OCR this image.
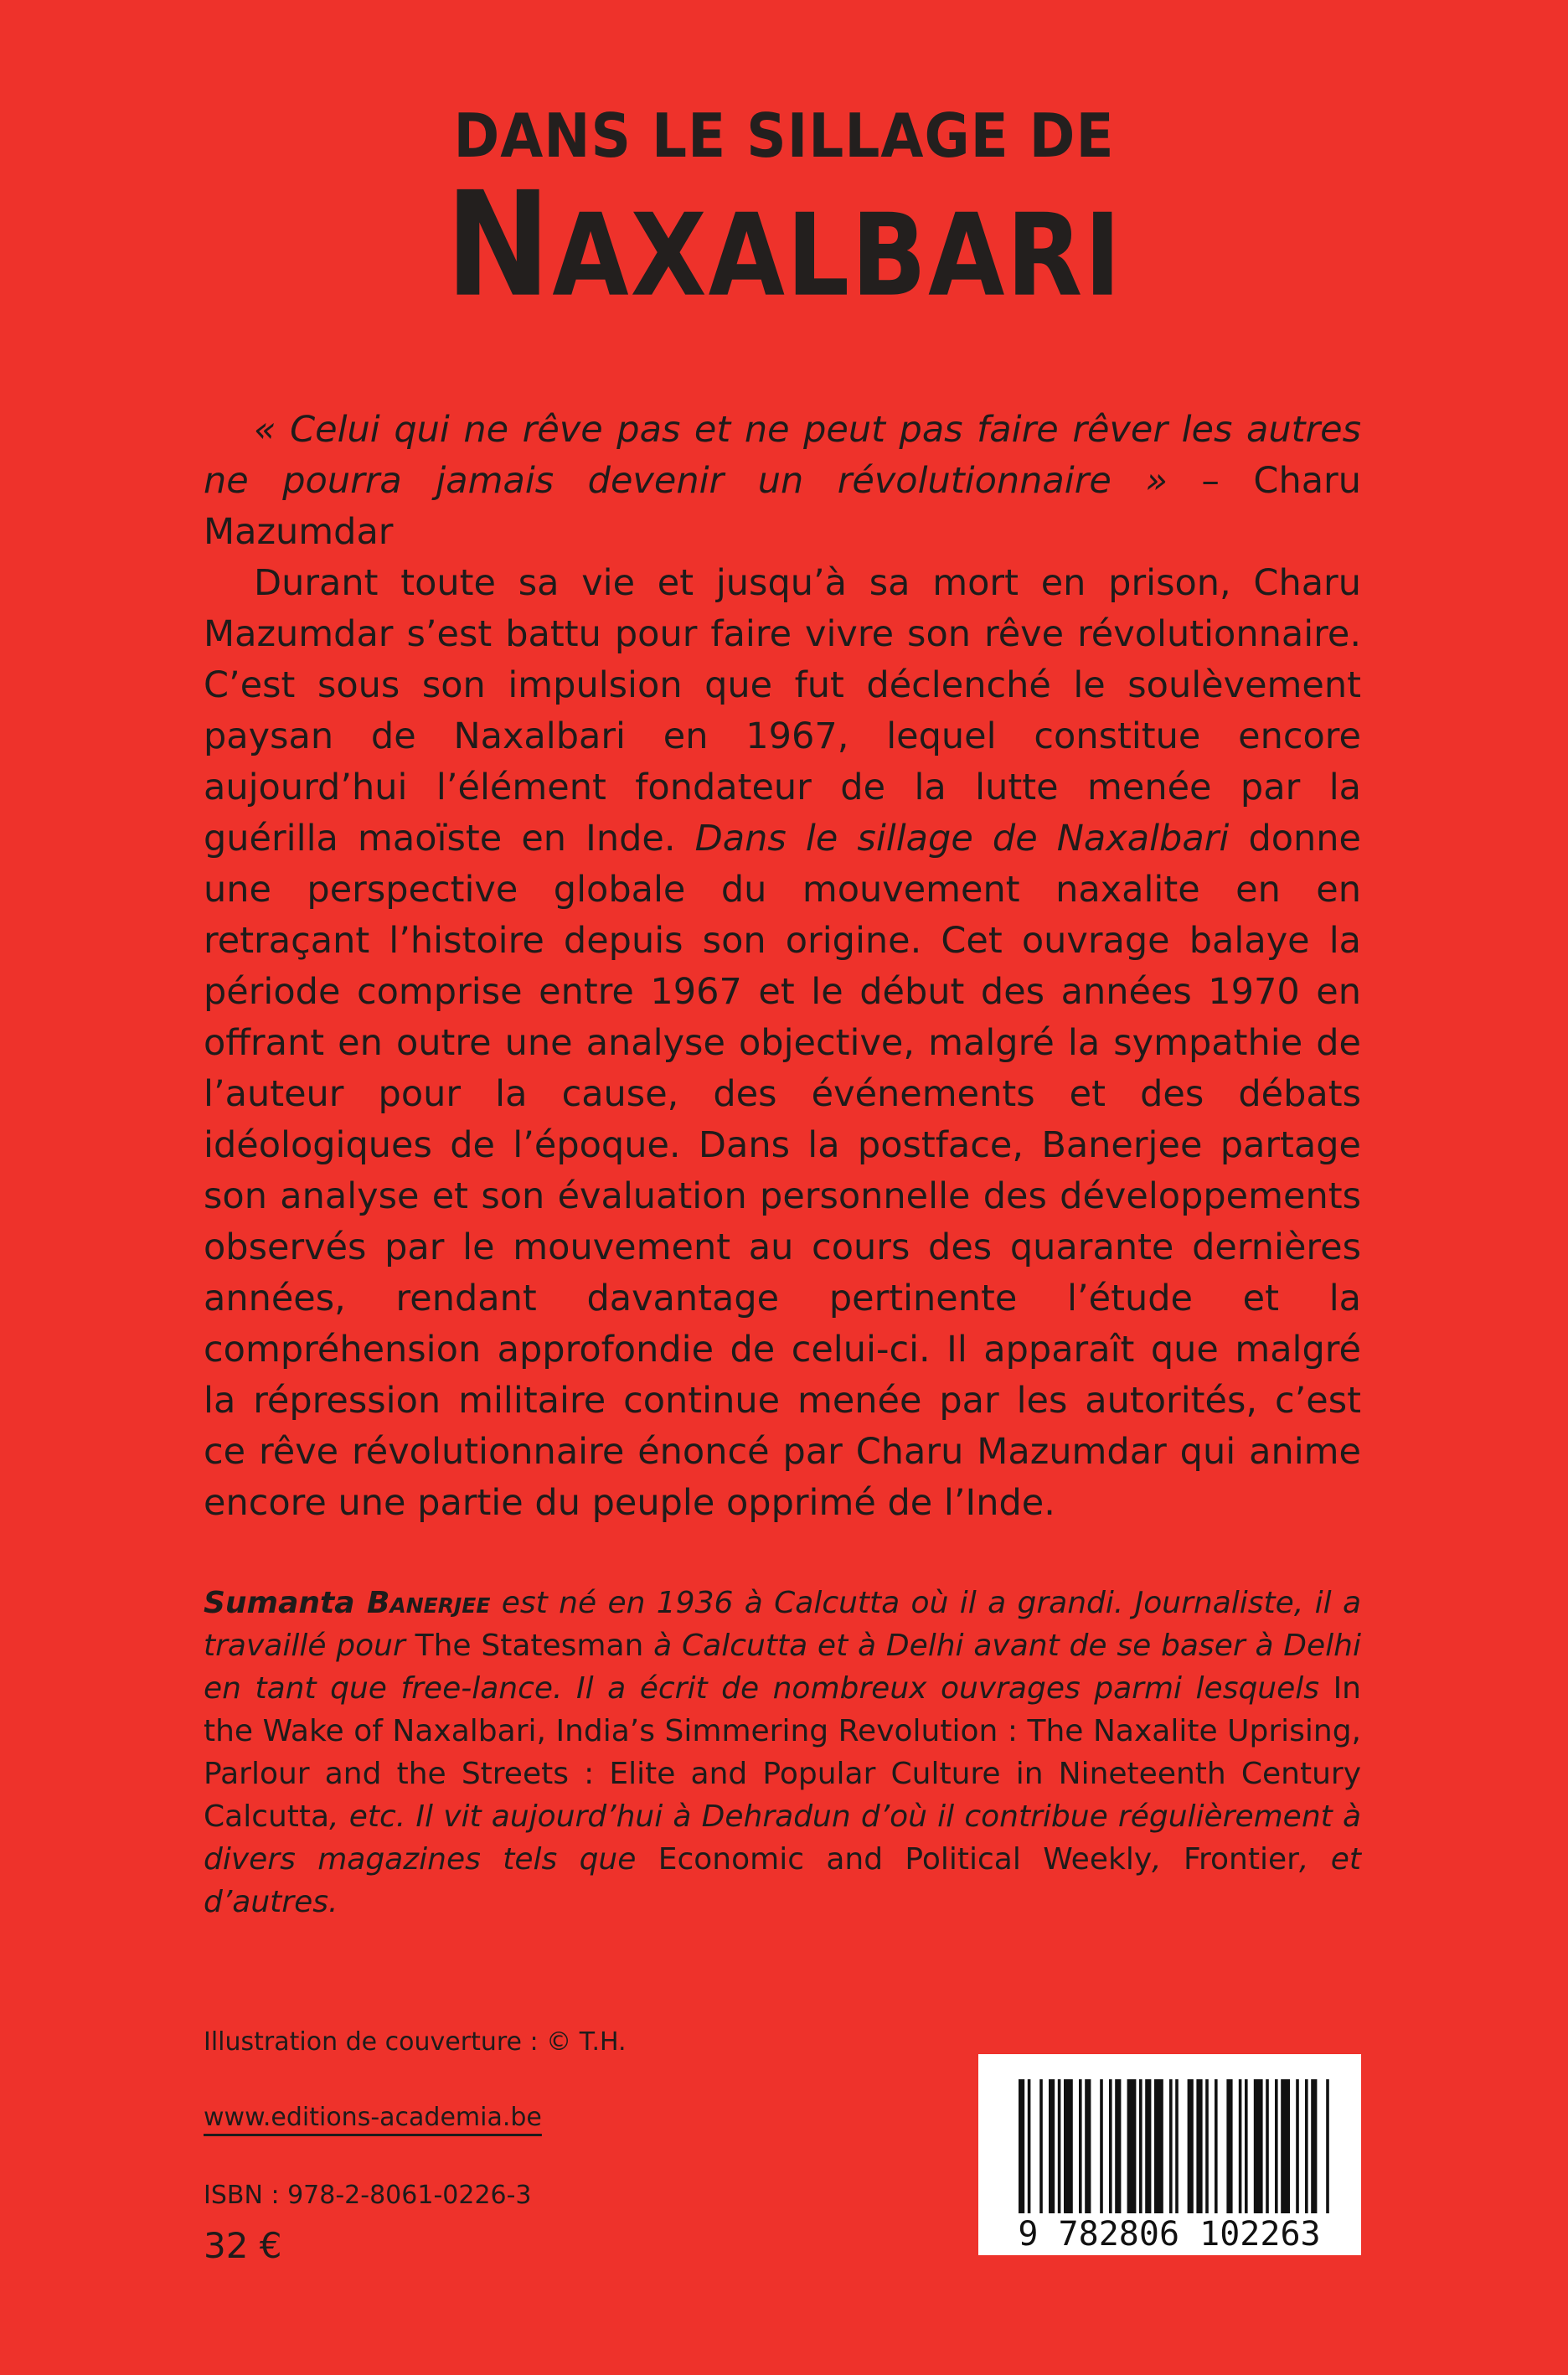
DANS LE SILLAGE DE
NAXALBARI

« Celui qui ne rêve pas et ne peut pas faire rêver les autres ne pourra jamais devenir un révolutionnaire » – Charu Mazumdar

Durant toute sa vie et jusqu’à sa mort en prison, Charu Mazumdar s’est battu pour faire vivre son rêve révolutionnaire. C’est sous son impulsion que fut déclenché le soulèvement paysan de Naxalbari en 1967, lequel constitue encore aujourd’hui l’élément fondateur de la lutte menée par la guérilla maoïste en Inde. Dans le sillage de Naxalbari donne une perspective globale du mouvement naxalite en en retraçant l’histoire depuis son origine. Cet ouvrage balaye la période comprise entre 1967 et le début des années 1970 en offrant en outre une analyse objective, malgré la sympathie de l’auteur pour la cause, des événements et des débats idéologiques de l’époque. Dans la postface, Banerjee partage son analyse et son évaluation personnelle des développements observés par le mouvement au cours des quarante dernières années, rendant davantage pertinente l’étude et la compréhension approfondie de celui-ci. Il apparaît que malgré la répression militaire continue menée par les autorités, c’est ce rêve révolutionnaire énoncé par Charu Mazumdar qui anime encore une partie du peuple opprimé de l’Inde.

Sumanta Banerjee est né en 1936 à Calcutta où il a grandi. Journaliste, il a travaillé pour The Statesman à Calcutta et à Delhi avant de se baser à Delhi en tant que free-lance. Il a écrit de nombreux ouvrages parmi lesquels In the Wake of Naxalbari, India’s Simmering Revolution : The Naxalite Uprising, Parlour and the Streets : Elite and Popular Culture in Nineteenth Century Calcutta, etc. Il vit aujourd’hui à Dehradun d’où il contribue régulièrement à divers magazines tels que Economic and Political Weekly, Frontier, et d’autres.

Illustration de couverture : © T.H.
www.editions-academia.be
ISBN : 978-2-8061-0226-3
32 €	9 782806 102263
